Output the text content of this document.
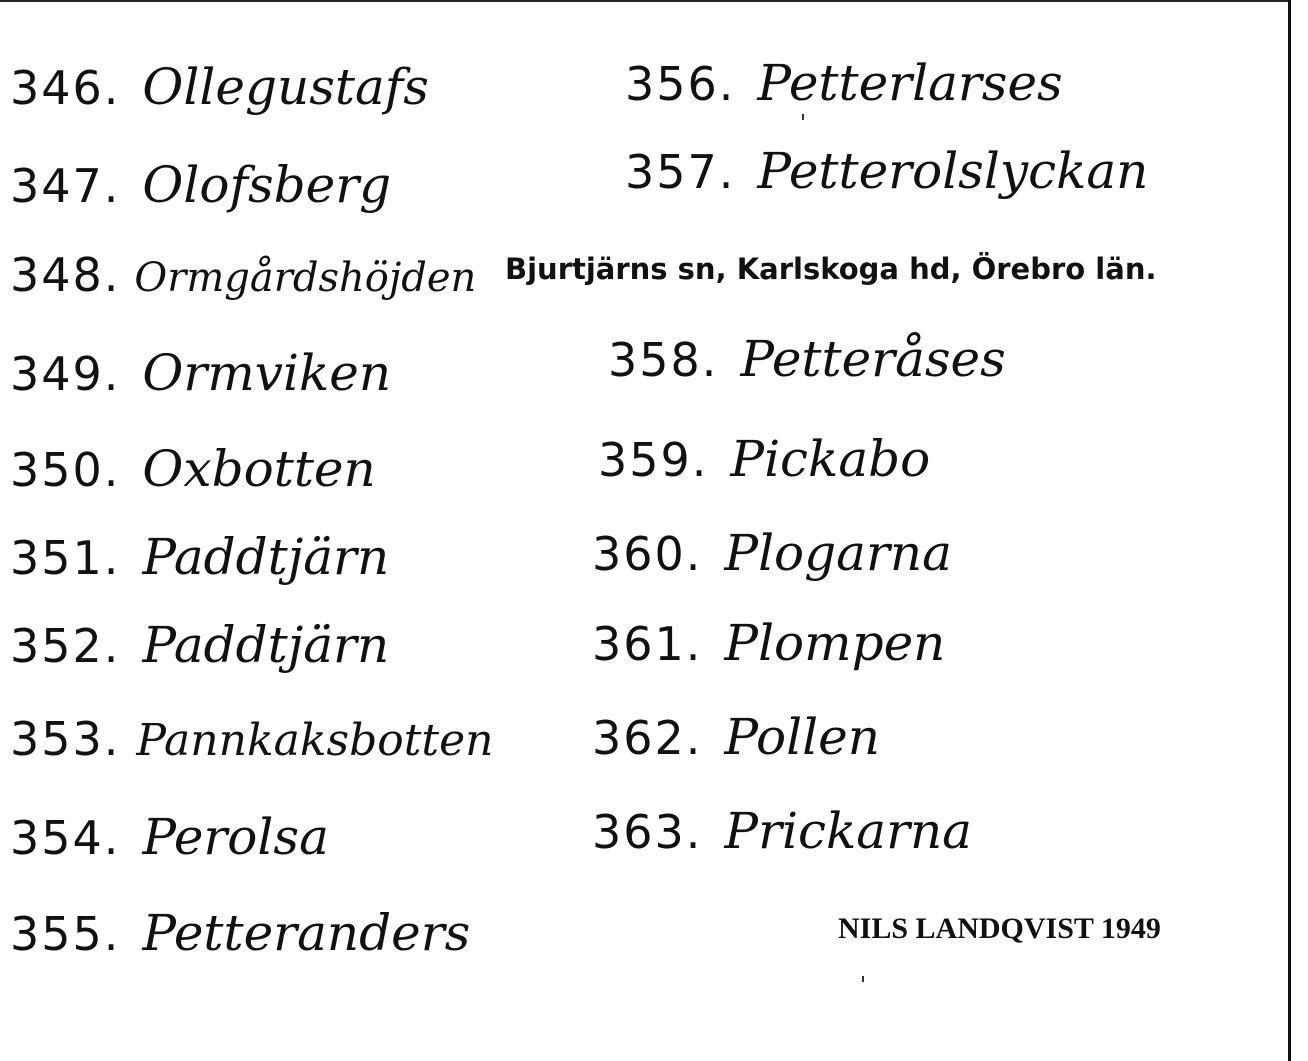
346. Ollegustafs
347. Olofsberg
348. Ormgårdshöjden
349. Ormviken
350. Oxbotten
351. Paddtjärn
352. Paddtjärn
353. Pannkaksbotten
354. Perolsa
355. Petteranders
Bjurtjärns sn, Karlskoga hd, Örebro län.
356. Petterlarses
357. Petterolslyckan
358. Petteråses
359. Pickabo
360. Plogarna
361. Plompen
362. Pollen
363. Prickarna
NILS LANDQVIST 1949
